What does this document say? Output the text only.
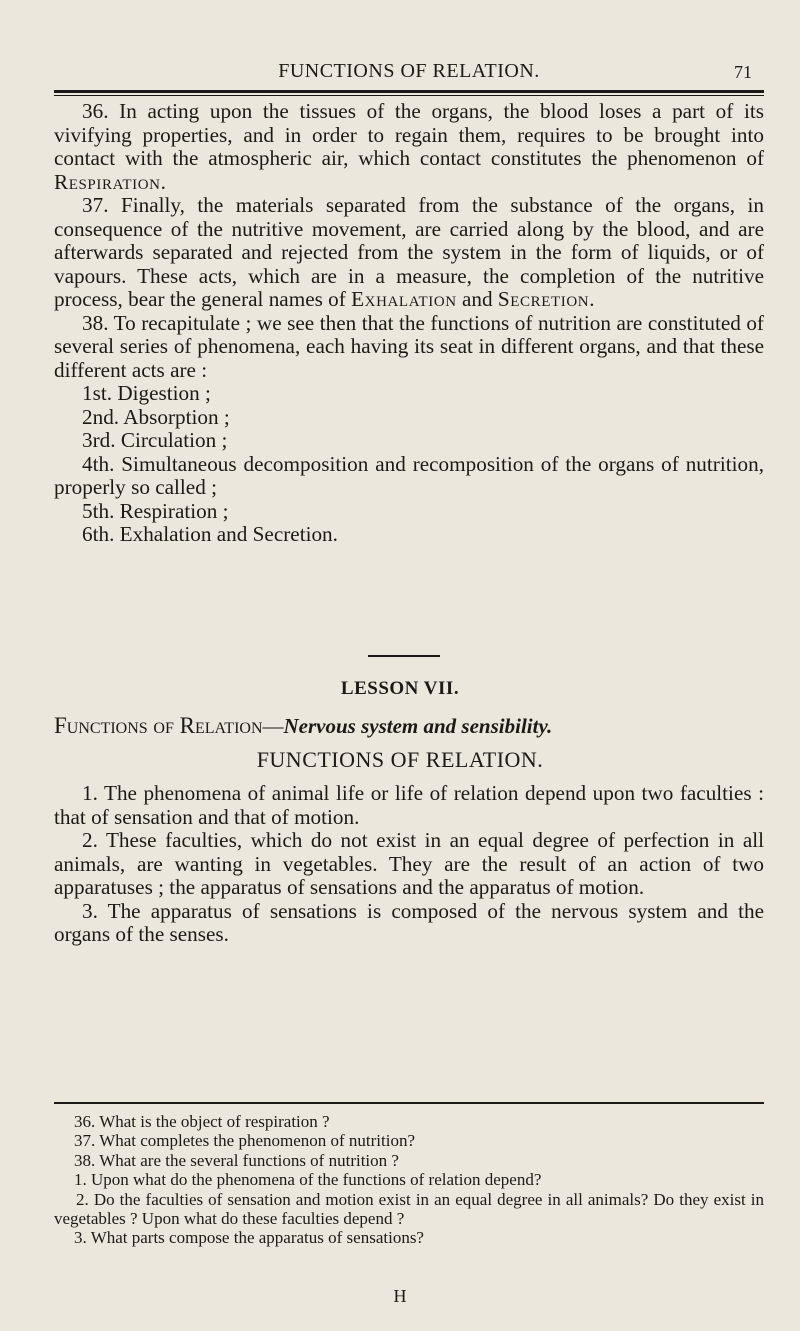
FUNCTIONS OF RELATION.	71

36. In acting upon the tissues of the organs, the blood loses a part of its vivifying properties, and in order to regain them, requires to be brought into contact with the atmospheric air, which contact constitutes the phenomenon of Respiration.

37. Finally, the materials separated from the substance of the organs, in consequence of the nutritive movement, are carried along by the blood, and are afterwards separated and rejected from the system in the form of liquids, or of vapours. These acts, which are in a measure, the completion of the nutritive process, bear the general names of Exhalation and Secretion.

38. To recapitulate ; we see then that the functions of nutrition are constituted of several series of phenomena, each having its seat in different organs, and that these different acts are :

1st. Digestion ;

2nd. Absorption ;

3rd. Circulation ;

4th. Simultaneous decomposition and recomposition of the organs of nutrition, properly so called ;

5th. Respiration ;

6th. Exhalation and Secretion.

LESSON VII.
Functions of Relation—Nervous system and sensibility.
FUNCTIONS OF RELATION.

1. The phenomena of animal life or life of relation depend upon two faculties : that of sensation and that of motion.

2. These faculties, which do not exist in an equal degree of perfection in all animals, are wanting in vegetables. They are the result of an action of two apparatuses ; the apparatus of sensations and the apparatus of motion.

3. The apparatus of sensations is composed of the nervous system and the organs of the senses.

36. What is the object of respiration ?

37. What completes the phenomenon of nutrition?

38. What are the several functions of nutrition ?

1. Upon what do the phenomena of the functions of relation depend?

2. Do the faculties of sensation and motion exist in an equal degree in all animals? Do they exist in vegetables ? Upon what do these faculties depend ?

3. What parts compose the apparatus of sensations?

H
